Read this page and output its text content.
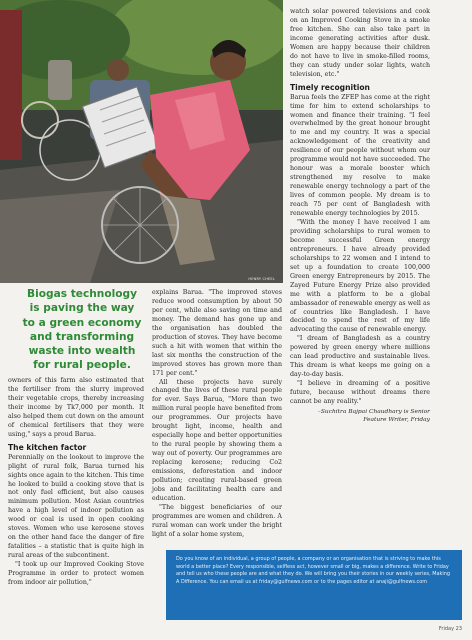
HENRY CHEEL
Biogas technology is paving the way to a green economy and transforming waste into wealth for rural people.

owners of this farm also estimated that the fertiliser from the slurry improved their vegetable crops, thereby increasing their income by Tk7,000 per month. It also helped them cut down on the amount of chemical fertilisers that they were using," says a proud Barua.

The kitchen factor

Perennially on the lookout to improve the plight of rural folk, Barua turned his sights once again to the kitchen. This time he looked to build a cooking stove that is not only fuel efficient, but also causes minimum pollution. Most Asian countries have a high level of indoor pollution as wood or coal is used in open cooking stoves. Women who use kerosene stoves on the other hand face the danger of fire fatalities – a statistic that is quite high in rural areas of the subcontinent.

"I took up our Improved Cooking Stove Programme in order to protect women from indoor air pollution,"

explains Barua. "The improved stoves reduce wood consumption by about 50 per cent, while also saving on time and money. The demand has gone up and the organisation has doubled the production of stoves. They have become such a hit with women that within the last six months the construction of the improved stoves has grown more than 171 per cent."

All these projects have surely changed the lives of these rural people for ever. Says Barua, "More than two million rural people have benefited from our programmes. Our projects have brought light, income, health and especially hope and better opportunities to the rural people by showing them a way out of poverty. Our programmes are replacing kerosene; reducing Co2 emissions, deforestation and indoor pollution; creating rural-based green jobs and facilitating health care and education.

"The biggest beneficiaries of our programmes are women and children. A rural woman can work under the bright light of a solar home system,

watch solar powered televisions and cook on an Improved Cooking Stove in a smoke free kitchen. She can also take part in income generating activities after dusk. Women are happy because their children do not have to live in smoke-filled rooms, they can study under solar lights, watch television, etc."

Timely recognition

Barua feels the ZFEP has come at the right time for him to extend scholarships to women and finance their training. "I feel overwhelmed by the great honour brought to me and my country. It was a special acknowledgement of the creativity and resilience of our people without whom our programme would not have succeeded. The honour was a morale booster which strengthened my resolve to make renewable energy technology a part of the lives of common people. My dream is to reach 75 per cent of Bangladesh with renewable energy technologies by 2015.

"With the money I have received I am providing scholarships to rural women to become successful Green energy entrepreneurs. I have already provided scholarships to 22 women and I intend to set up a foundation to create 100,000 Green energy Entrepreneurs by 2015. The Zayed Future Energy Prize also provided me with a platform to be a global ambassador of renewable energy as well as of countries like Bangladesh. I have decided to spend the rest of my life advocating the cause of renewable energy.

"I dream of Bangladesh as a country powered by green energy where millions can lead productive and sustainable lives. This dream is what keeps me going on a day-to-day basis.

"I believe in dreaming of a positive future, because without dreams there cannot be any reality."

–Suchitra Bajpai Chaudhary is Senior
Feature Writer, Friday
Do you know of an individual, a group of people, a company or an organisation that is striving to make this world a better place? Every responsible, selfless act, however small or big, makes a difference. Write to Friday and tell us who these people are and what they do. We will bring you their stories in our weekly series, Making A Difference. You can email us at friday@gulfnews.com or to the pages editor at anaji@gulfnews.com
Friday 23
